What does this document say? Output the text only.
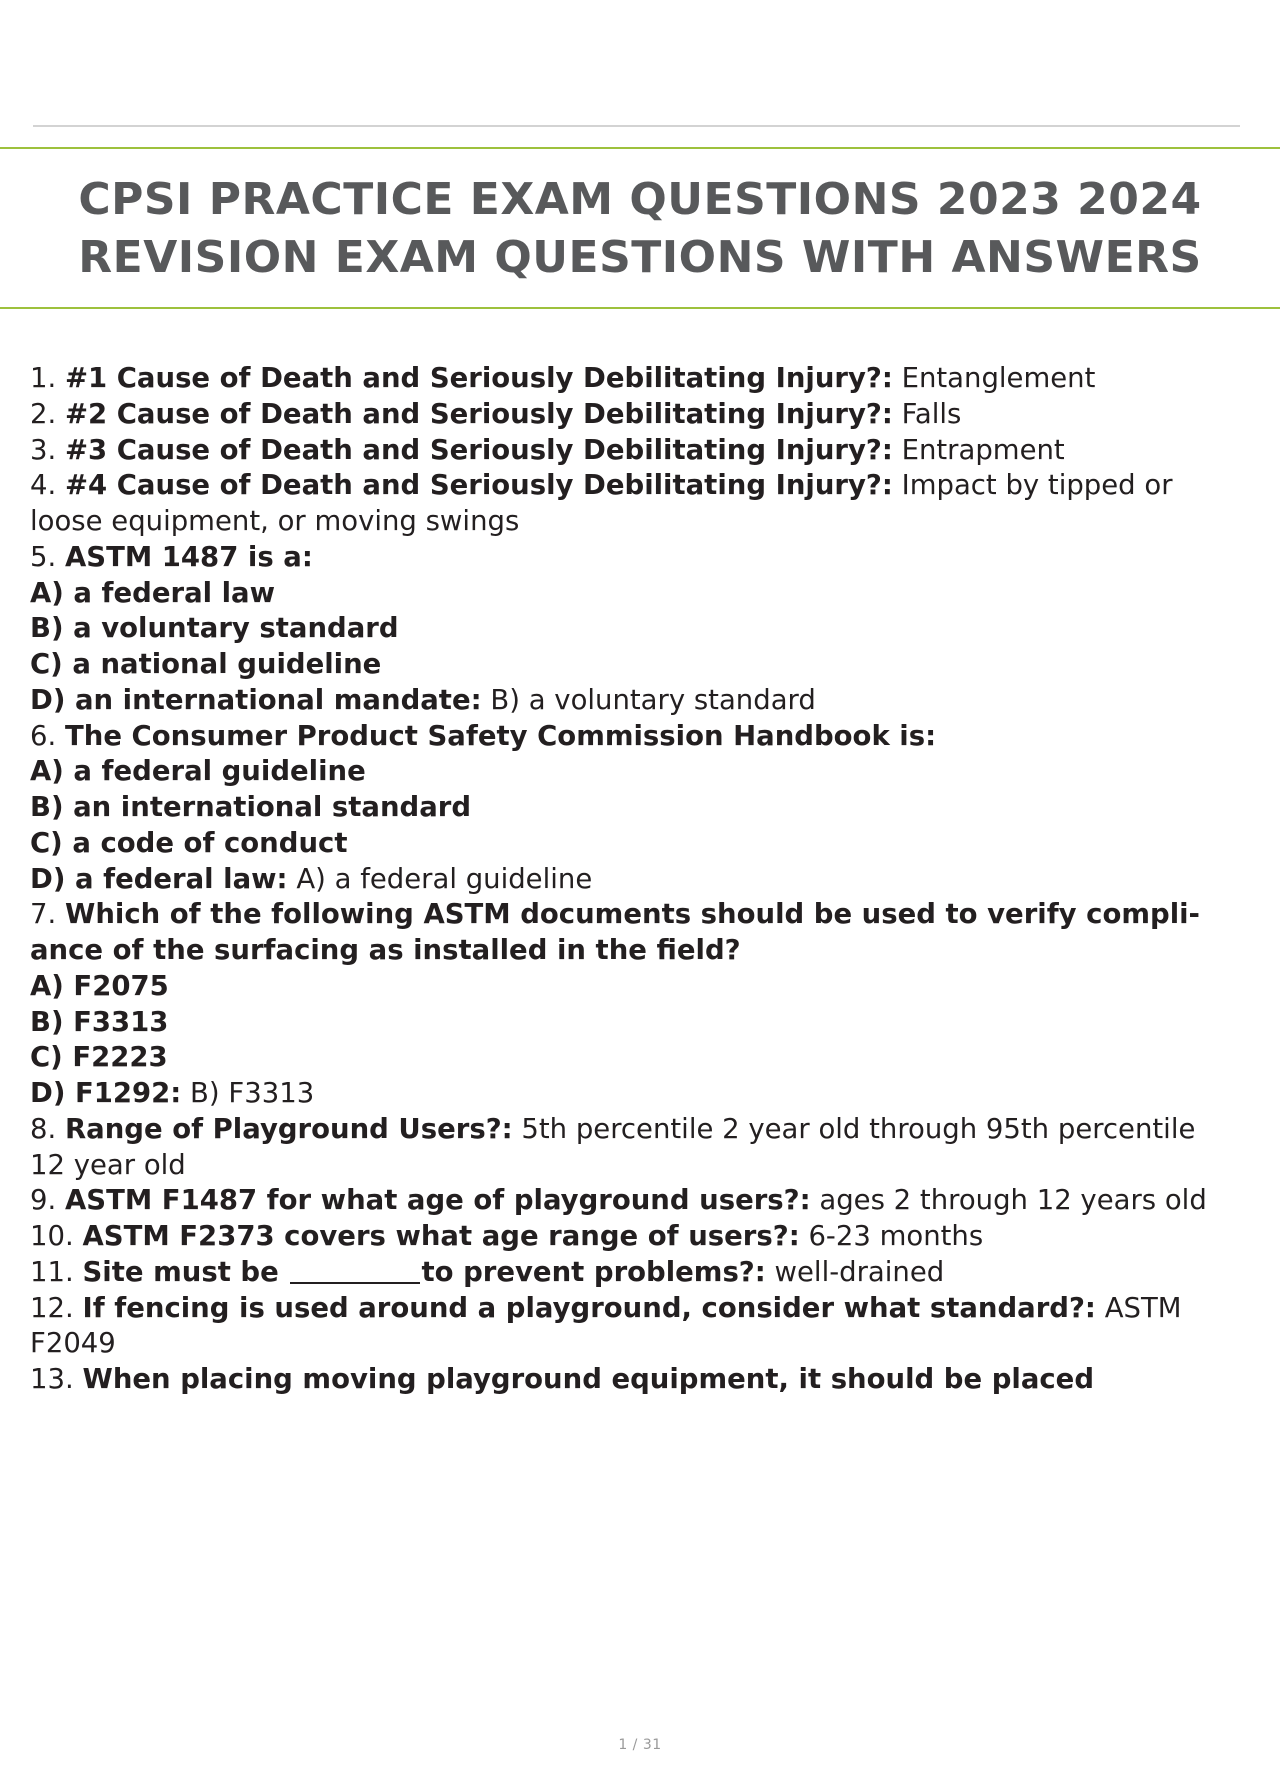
CPSI PRACTICE EXAM QUESTIONS 2023 2024 REVISION EXAM QUESTIONS WITH ANSWERS

1. #1 Cause of Death and Seriously Debilitating Injury?: Entanglement

2. #2 Cause of Death and Seriously Debilitating Injury?: Falls

3. #3 Cause of Death and Seriously Debilitating Injury?: Entrapment

4. #4 Cause of Death and Seriously Debilitating Injury?: Impact by tipped or loose equipment, or moving swings

5. ASTM 1487 is a:

A) a federal law

B) a voluntary standard

C) a national guideline

D) an international mandate: B) a voluntary standard

6. The Consumer Product Safety Commission Handbook is:

A) a federal guideline

B) an international standard

C) a code of conduct

D) a federal law: A) a federal guideline

7. Which of the following ASTM documents should be used to verify compli- ance of the surfacing as installed in the field?

A) F2075

B) F3313

C) F2223

D) F1292: B) F3313

8. Range of Playground Users?: 5th percentile 2 year old through 95th percentile 12 year old

9. ASTM F1487 for what age of playground users?: ages 2 through 12 years old

10. ASTM F2373 covers what age range of users?: 6-23 months

11. Site must be	to prevent problems?: well-drained

12. If fencing is used around a playground, consider what standard?: ASTM F2049

13. When placing moving playground equipment, it should be placed

1 / 31
